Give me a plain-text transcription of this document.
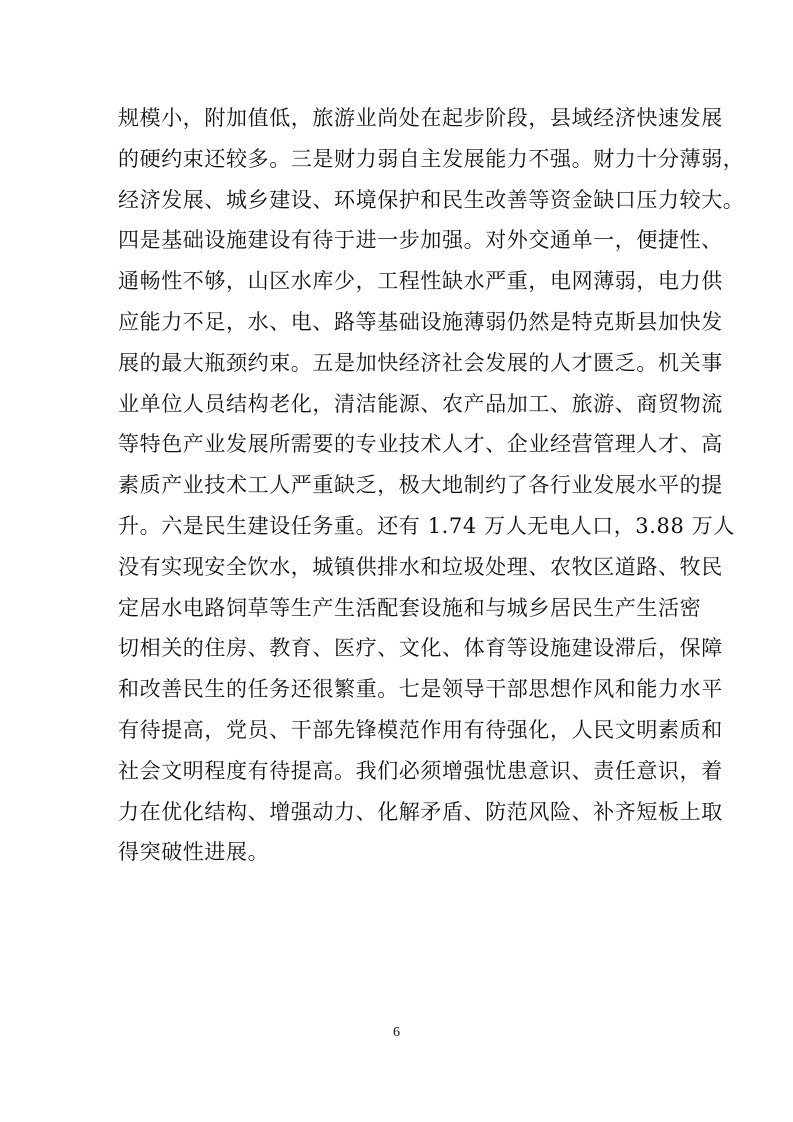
规模小，附加值低，旅游业尚处在起步阶段，县域经济快速发展
的硬约束还较多。三是财力弱自主发展能力不强。财力十分薄弱，
经济发展、城乡建设、环境保护和民生改善等资金缺口压力较大。
四是基础设施建设有待于进一步加强。对外交通单一，便捷性、
通畅性不够，山区水库少，工程性缺水严重，电网薄弱，电力供
应能力不足，水、电、路等基础设施薄弱仍然是特克斯县加快发
展的最大瓶颈约束。五是加快经济社会发展的人才匮乏。机关事
业单位人员结构老化，清洁能源、农产品加工、旅游、商贸物流
等特色产业发展所需要的专业技术人才、企业经营管理人才、高
素质产业技术工人严重缺乏，极大地制约了各行业发展水平的提
升。六是民生建设任务重。还有 1.74 万人无电人口，3.88 万人
没有实现安全饮水，城镇供排水和垃圾处理、农牧区道路、牧民
定居水电路饲草等生产生活配套设施和与城乡居民生产生活密
切相关的住房、教育、医疗、文化、体育等设施建设滞后，保障
和改善民生的任务还很繁重。七是领导干部思想作风和能力水平
有待提高，党员、干部先锋模范作用有待强化，人民文明素质和
社会文明程度有待提高。我们必须增强忧患意识、责任意识，着
力在优化结构、增强动力、化解矛盾、防范风险、补齐短板上取
得突破性进展。
6
